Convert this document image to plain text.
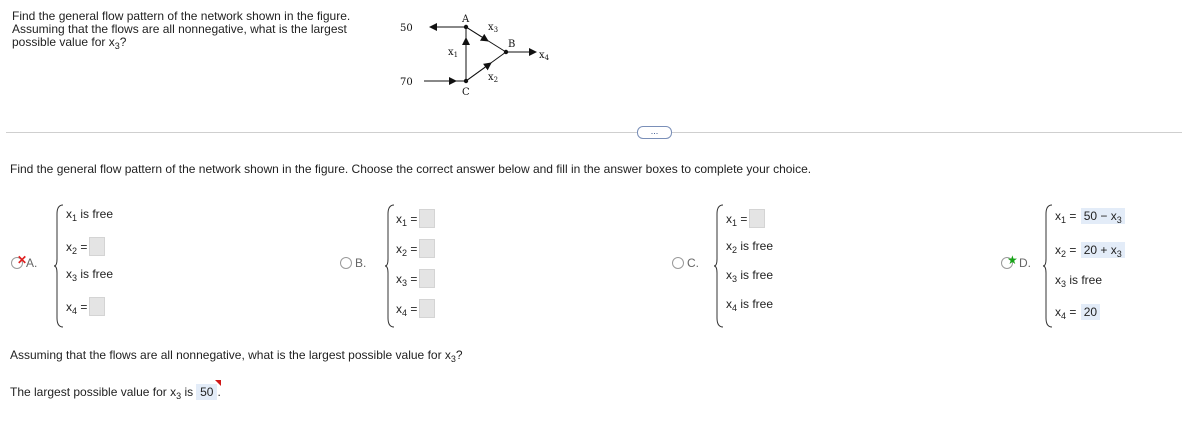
Find the general flow pattern of the network shown in the figure. Assuming that the flows are all nonnegative, what is the largest possible value for $x_3$?
50
70
A
B
C
$x_1$
$x_2$
$x_3$
$x_4$
...
Find the general flow pattern of the network shown in the figure. Choose the correct answer below and fill in the answer boxes to complete your choice.
✕
A.
$x_1$ is free
$x_2$ =
$x_3$ is free
$x_4$ =
B.
$x_1$ =
$x_2$ =
$x_3$ =
$x_4$ =
C.
$x_1$ =
$x_2$ is free
$x_3$ is free
$x_4$ is free
★ D.
$x_1 = 50 - x_3$
$x_2 = 20 + x_3$
$x_3$ is free
$x_4 = 20$
Assuming that the flows are all nonnegative, what is the largest possible value for $x_3$?
The largest possible value for $x_3$ is 50 .
